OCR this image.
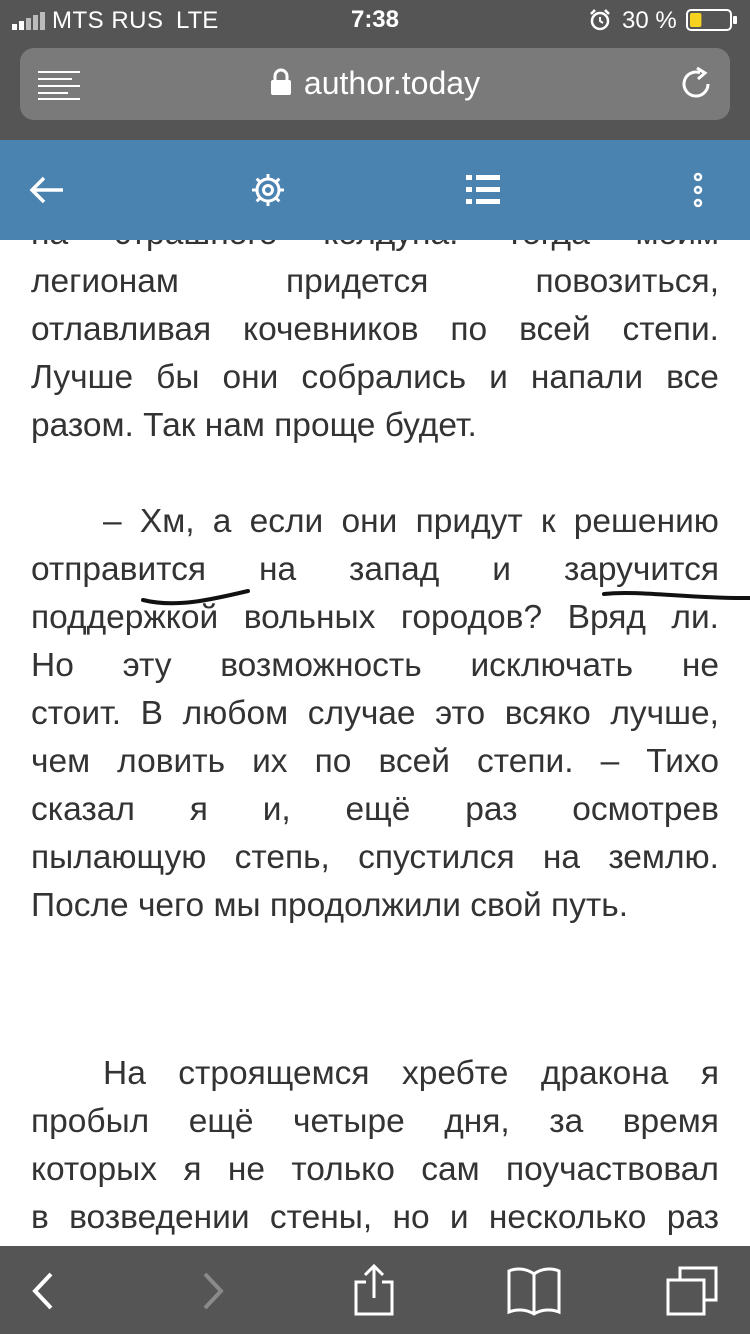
MTS RUS LTE	7:38	30 %
author.today
легионам	придется	повозиться,
отлавливая кочевников по всей степи.
Лучше бы они собрались и напали все
разом. Так нам проще будет.
– Хм, а если они придут к решению
отправится на запад и заручится
поддержкой вольных городов? Вряд ли.
Но эту возможность исключать не
стоит. В любом случае это всяко лучше,
чем ловить их по всей степи. – Тихо
сказал я и, ещё раз осмотрев
пылающую степь, спустился на землю.
После чего мы продолжили свой путь.
На строящемся хребте дракона я
пробыл ещё четыре дня, за время
которых я не только сам поучаствовал
в возведении стены, но и несколько раз
